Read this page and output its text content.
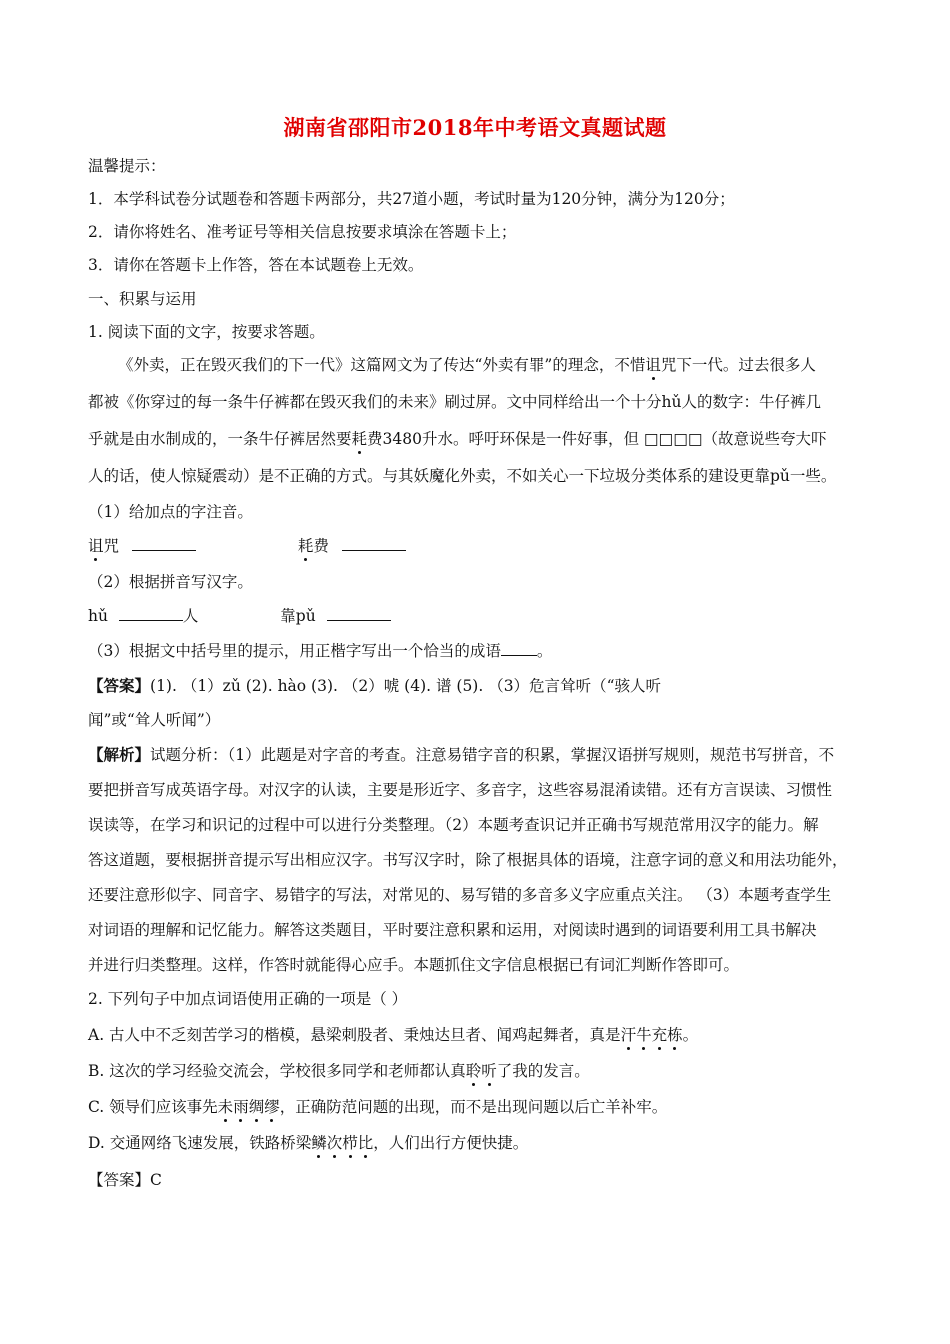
湖南省邵阳市2018年中考语文真题试题
温馨提示：
1．本学科试卷分试题卷和答题卡两部分，共27道小题，考试时量为120分钟，满分为120分；
2．请你将姓名、准考证号等相关信息按要求填涂在答题卡上；
3．请你在答题卡上作答，答在本试题卷上无效。
一、积累与运用
1. 阅读下面的文字，按要求答题。
《外卖，正在毁灭我们的下一代》这篇网文为了传达“外卖有罪”的理念，不惜诅咒下一代。过去很多人
都被《你穿过的每一条牛仔裤都在毁灭我们的未来》刷过屏。文中同样给出一个十分hǔ人的数字：牛仔裤几
乎就是由水制成的，一条牛仔裤居然要耗费3480升水。呼吁环保是一件好事，但 □□□□（故意说些夸大吓
人的话，使人惊疑震动）是不正确的方式。与其妖魔化外卖，不如关心一下垃圾分类体系的建设更靠pǔ一些。
（1）给加点的字注音。
诅咒	耗费
（2）根据拼音写汉字。
hǔ	人	靠pǔ
（3）根据文中括号里的提示，用正楷字写出一个恰当的成语 。
【答案】(1). （1）zǔ (2). hào (3). （2）唬 (4). 谱 (5). （3）危言耸听（“骇人听
闻”或“耸人听闻”）
【解析】试题分析：（1）此题是对字音的考查。注意易错字音的积累，掌握汉语拼写规则，规范书写拼音，不
要把拼音写成英语字母。对汉字的认读，主要是形近字、多音字，这些容易混淆读错。还有方言误读、习惯性
误读等，在学习和识记的过程中可以进行分类整理。（2）本题考查识记并正确书写规范常用汉字的能力。解
答这道题，要根据拼音提示写出相应汉字。书写汉字时，除了根据具体的语境，注意字词的意义和用法功能外，
还要注意形似字、同音字、易错字的写法，对常见的、易写错的多音多义字应重点关注。 （3）本题考查学生
对词语的理解和记忆能力。解答这类题目，平时要注意积累和运用，对阅读时遇到的词语要利用工具书解决
并进行归类整理。这样，作答时就能得心应手。本题抓住文字信息根据已有词汇判断作答即可。
2. 下列句子中加点词语使用正确的一项是（ ）
A. 古人中不乏刻苦学习的楷模，悬梁刺股者、秉烛达旦者、闻鸡起舞者，真是汗牛充栋。
B. 这次的学习经验交流会，学校很多同学和老师都认真聆听了我的发言。
C. 领导们应该事先未雨绸缪，正确防范问题的出现，而不是出现问题以后亡羊补牢。
D. 交通网络飞速发展，铁路桥梁鳞次栉比，人们出行方便快捷。
【答案】C
